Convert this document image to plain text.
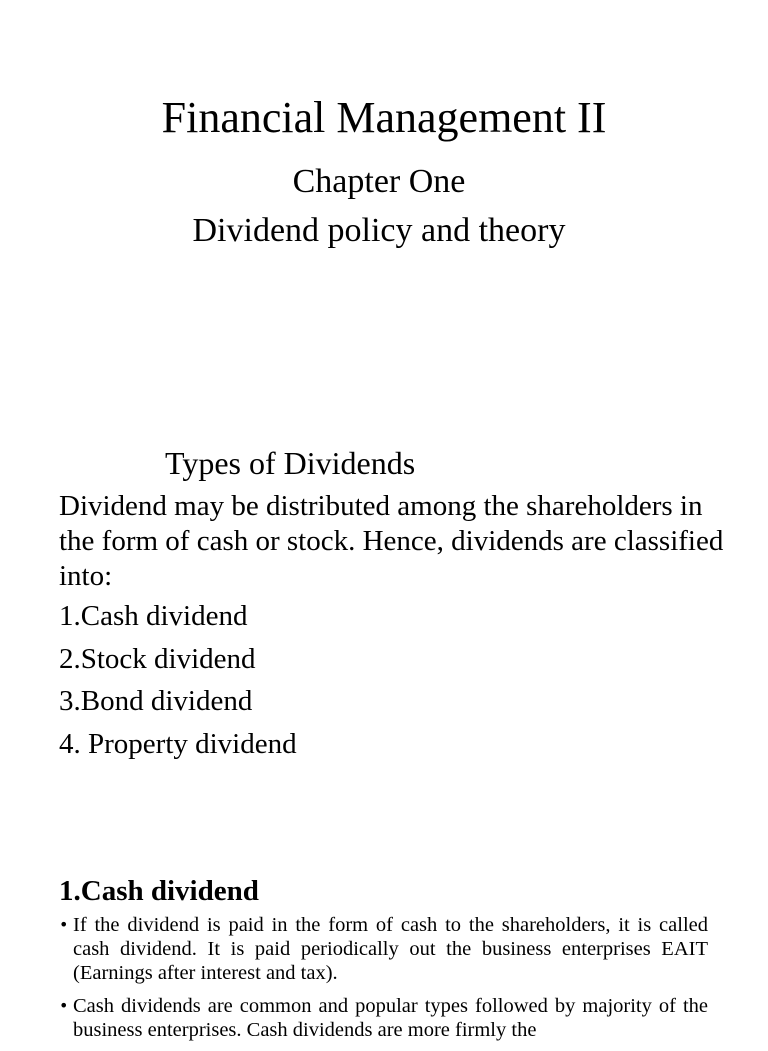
Financial Management II
Chapter One
Dividend policy and theory
Types of Dividends
Dividend may be distributed among the shareholders in the form of cash or stock. Hence, dividends are classified into:
1.Cash dividend
2.Stock dividend
3.Bond dividend
4. Property dividend
1.Cash dividend
• If the dividend is paid in the form of cash to the shareholders, it is called cash dividend. It is paid periodically out the business enterprises EAIT (Earnings after interest and tax).
• Cash dividends are common and popular types followed by majority of the business enterprises. Cash dividends are more firmly the
